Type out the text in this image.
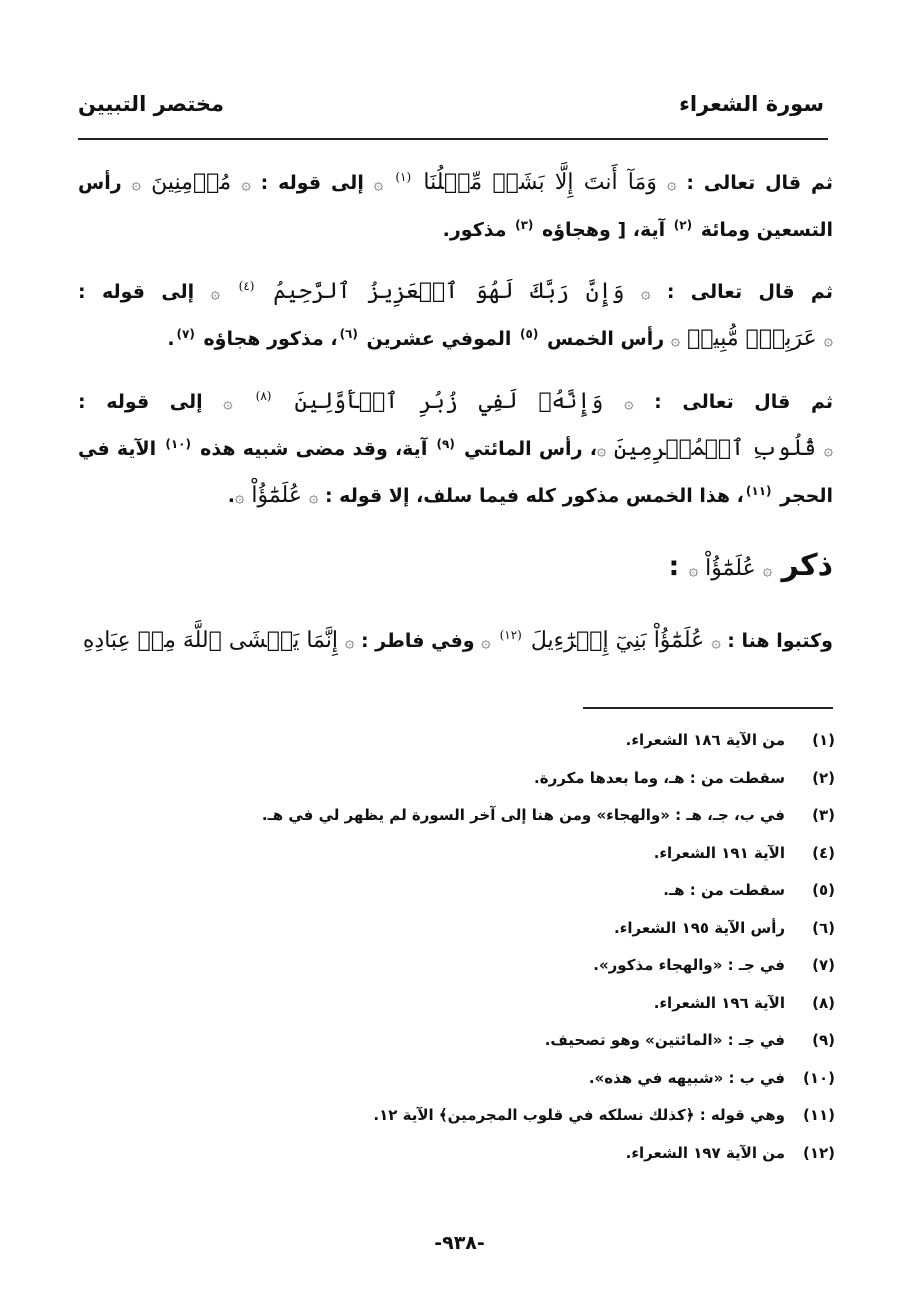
سورة الشعراء
مختصر التبيين

ثم قال تعالى : ۞ وَمَآ أَنتَ إِلَّا بَشَرٞ مِّثۡلُنَا $^{(١)}$ ۞ إلى قوله : ۞ مُؤۡمِنِينَ ۞ رأس التسعين ومائة $^{(٢)}$ آية، [ وهجاؤه $^{(٣)}$ مذكور.

ثم قال تعالى : ۞ وَإِنَّ رَبَّكَ لَهُوَ ٱلۡعَزِيزُ ٱلرَّحِيمُ $^{(٤)}$ ۞ إلى قوله : ۞ عَرَبِيّٖ مُّبِينٖ ۞ رأس الخمس $^{(٥)}$ الموفي عشرين $^{(٦)}$، مذكور هجاؤه $^{(٧)}$.

ثم قال تعالى : ۞ وَإِنَّهُۥ لَفِي زُبُرِ ٱلۡأَوَّلِينَ $^{(٨)}$ ۞ إلى قوله : ۞ قُلُوبِ ٱلۡمُجۡرِمِينَ ۞، رأس المائتي $^{(٩)}$ آية، وقد مضى شبيه هذه $^{(١٠)}$ الآية في الحجر $^{(١١)}$، هذا الخمس مذكور كله فيما سلف، إلا قوله : ۞ عُلَمَٰٓؤُاْ ۞.

ذكر ۞ عُلَمَٰٓؤُاْ ۞ :

وكتبوا هنا : ۞ عُلَمَٰٓؤُاْ بَنِيٓ إِسۡرَٰٓءِيلَ $^{(١٢)}$ ۞ وفي فاطر : ۞ إِنَّمَا يَخۡشَى ٱللَّهَ مِنۡ عِبَادِهِ

(١)من الآية ١٨٦ الشعراء.
(٢)سقطت من : هـ، وما بعدها مكررة.
(٣)في ب، جـ، هـ : «والهجاء» ومن هنا إلى آخر السورة لم يظهر لي في هـ.
(٤)الآية ١٩١ الشعراء.
(٥)سقطت من : هـ.
(٦)رأس الآية ١٩٥ الشعراء.
(٧)في جـ : «والهجاء مذكور».
(٨)الآية ١٩٦ الشعراء.
(٩)في جـ : «المائتين» وهو تصحيف.
(١٠)في ب : «شبيهه في هذه».
(١١)وهي قوله : ﴿كذلك نسلكه في قلوب المجرمين﴾ الآية ١٢.
(١٢)من الآية ١٩٧ الشعراء.
-٩٣٨-
